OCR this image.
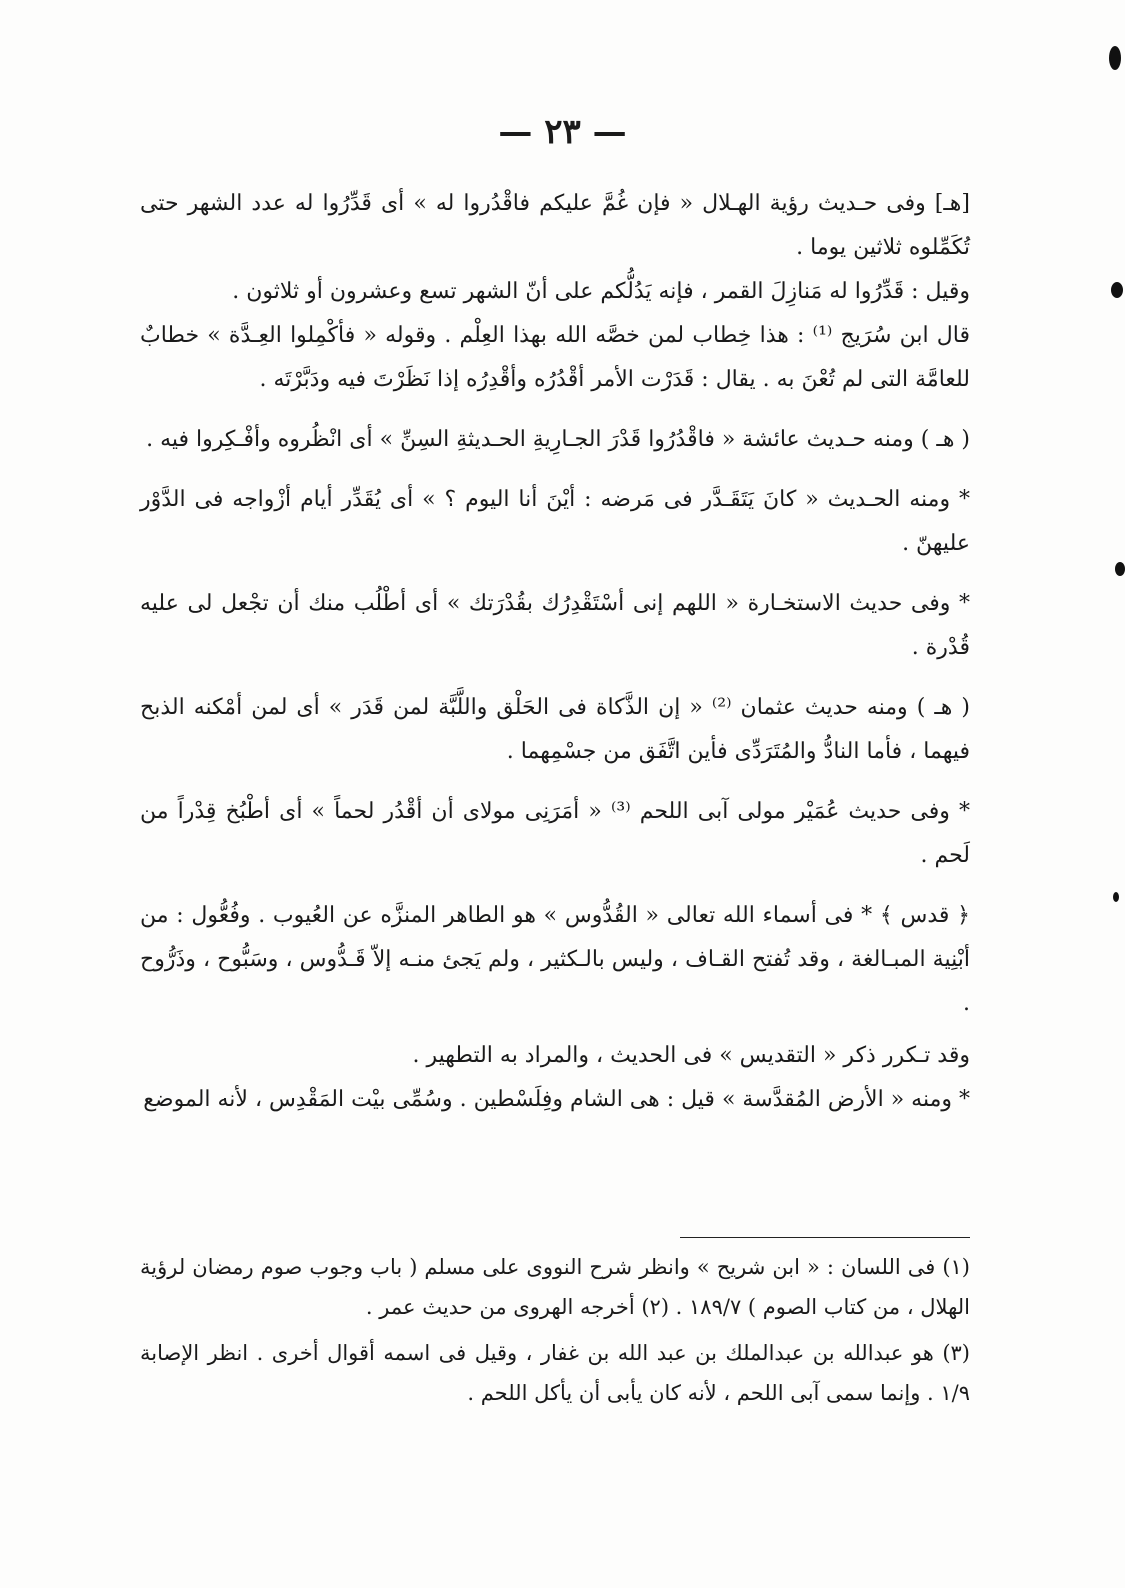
— ٢٣ —

[هـ] وفى حـديث رؤية الهـلال « فإن غُمَّ عليكم فاقْدُروا له » أى قَدِّرُوا له عدد الشهر حتى تُكَمِّلوه ثلاثين يوما .

وقيل : قَدِّرُوا له مَنازِلَ القمر ، فإنه يَدُلُّكم على أنّ الشهر تسع وعشرون أو ثلاثون .

قال ابن سُرَيج ⁽¹⁾ : هذا خِطاب لمن خصَّه الله بهذا العِلْم . وقوله « فأكْمِلوا العِـدَّة » خطابٌ للعامَّة التى لم تُعْنَ به . يقال : قَدَرْت الأمر أقْدُرُه وأقْدِرُه إذا نَظَرْتَ فيه ودَبَّرْتَه .

( هـ ) ومنه حـديث عائشة « فاقْدُرُوا قَدْرَ الجـارِيةِ الحـديثةِ السِنِّ » أى انْظُروه وأفْـكِروا فيه .

* ومنه الحـديث « كانَ يَتَقَـدَّر فى مَرضه : أيْنَ أنا اليوم ؟ » أى يُقَدِّر أيام أزْواجه فى الدَّوْر عليهنّ .

* وفى حديث الاستخـارة « اللهم إنى أسْتَقْدِرُك بقُدْرَتك » أى أطْلُب منك أن تجْعل لى عليه قُدْرة .

( هـ ) ومنه حديث عثمان ⁽²⁾ « إن الذَّكاة فى الحَلْق واللَّبَّة لمن قَدَر » أى لمن أمْكنه الذبح فيهما ، فأما النادُّ والمُتَرَدِّى فأين اتَّفَق من جسْمِهما .

* وفى حديث عُمَيْر مولى آبى اللحم ⁽³⁾ « أمَرَنِى مولاى أن أقْدُر لحماً » أى أطْبُخ قِدْراً من لَحم .

﴿ قدس ﴾ * فى أسماء الله تعالى « القُدُّوس » هو الطاهر المنزَّه عن العُيوب . وفُعُّول : من أبْنِية المبـالغة ، وقد تُفتح القـاف ، وليس بالـكثير ، ولم يَجئ منـه إلاّ قَـدُّوس ، وسَبُّوح ، وذَرُّوح .

وقد تـكرر ذكر « التقديس » فى الحديث ، والمراد به التطهير .

* ومنه « الأرض المُقدَّسة » قيل : هى الشام وفِلَسْطين . وسُمِّى بيْت المَقْدِس ، لأنه الموضع

(١) فى اللسان : « ابن شريح » وانظر شرح النووى على مسلم ( باب وجوب صوم رمضان لرؤية الهلال ، من كتاب الصوم ) ١٨٩/٧ . (٢) أخرجه الهروى من حديث عمر .

(٣) هو عبدالله بن عبدالملك بن عبد الله بن غفار ، وقيل فى اسمه أقوال أخرى . انظر الإصابة ١/٩ . وإنما سمى آبى اللحم ، لأنه كان يأبى أن يأكل اللحم .
